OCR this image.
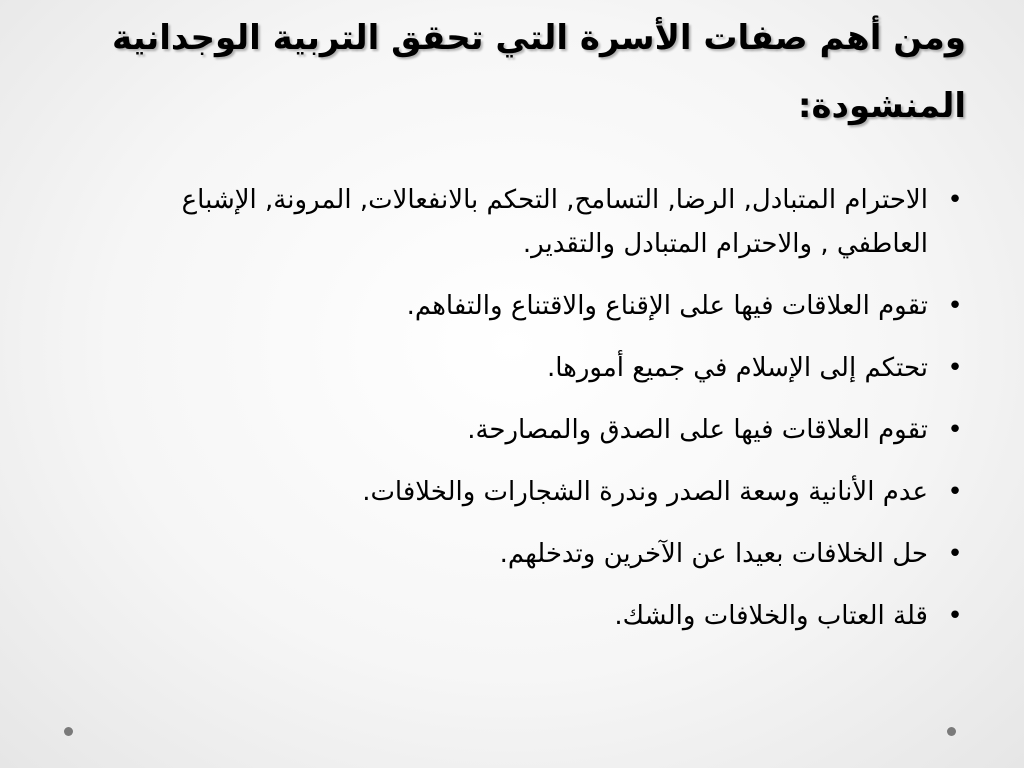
ومن أهم صفات الأسرة التي تحقق التربية الوجدانية المنشودة:
•
الاحترام المتبادل, الرضا, التسامح, التحكم بالانفعالات, المرونة, الإشباع العاطفي , والاحترام المتبادل والتقدير.
•
تقوم العلاقات فيها على الإقناع والاقتناع والتفاهم.
•
تحتكم إلى الإسلام في جميع أمورها.
•
تقوم العلاقات فيها على الصدق والمصارحة.
•
عدم الأنانية وسعة الصدر وندرة الشجارات والخلافات.
•
حل الخلافات بعيدا عن الآخرين وتدخلهم.
•
قلة العتاب والخلافات والشك.
